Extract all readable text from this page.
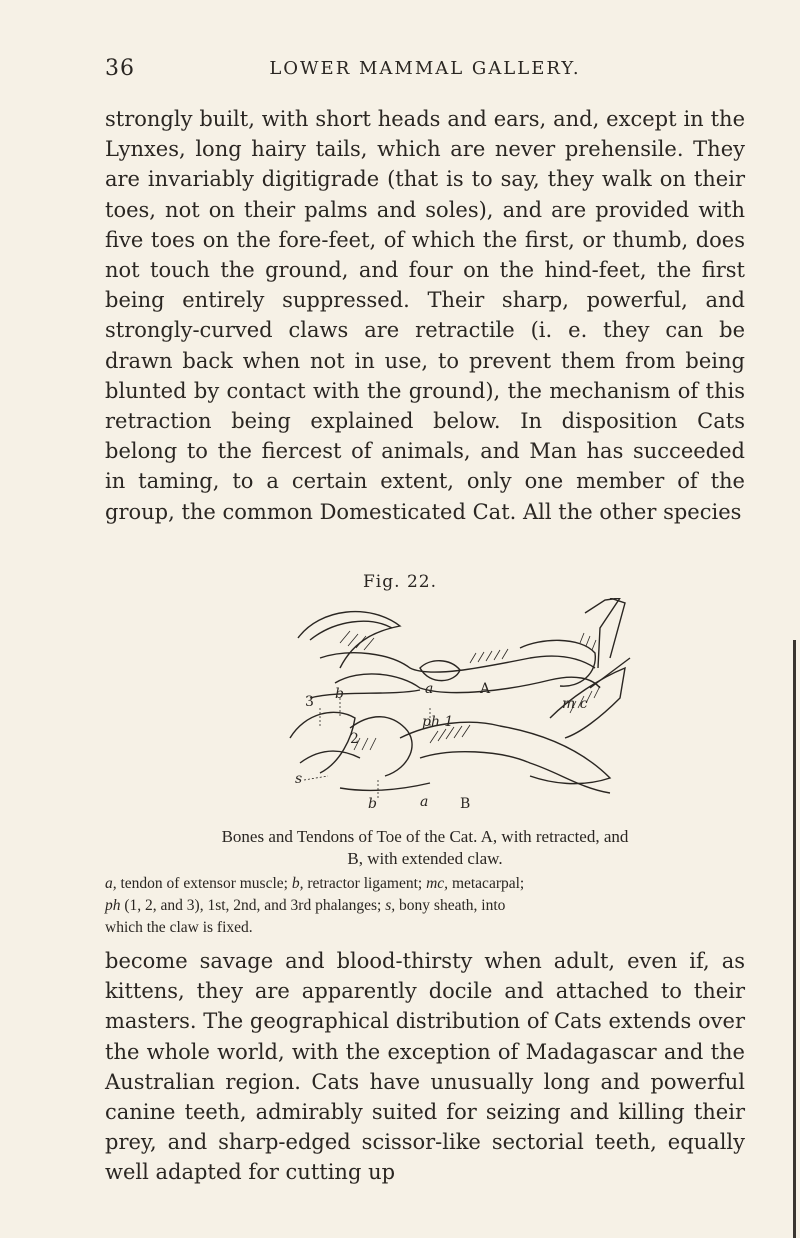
36	LOWER MAMMAL GALLERY.
strongly built, with short heads and ears, and, except in the Lynxes, long hairy tails, which are never prehensile. They are invariably digitigrade (that is to say, they walk on their toes, not on their palms and soles), and are provided with five toes on the fore-feet, of which the first, or thumb, does not touch the ground, and four on the hind-feet, the first being entirely suppressed. Their sharp, powerful, and strongly-curved claws are retractile (i. e. they can be drawn back when not in use, to prevent them from being blunted by contact with the ground), the mechanism of this retraction being explained below. In disposition Cats belong to the fiercest of animals, and Man has succeeded in taming, to a certain extent, only one member of the group, the common Domesticated Cat. All the other species
Fig. 22.
a	A
b
3	m c
ph 1
2
s
b	a B
Bones and Tendons of Toe of the Cat. A, with retracted, and
B, with extended claw.
a, tendon of extensor muscle; b, retractor ligament; mc, metacarpal;
ph (1, 2, and 3), 1st, 2nd, and 3rd phalanges; s, bony sheath, into
which the claw is fixed.
become savage and blood-thirsty when adult, even if, as kittens, they are apparently docile and attached to their masters. The geographical distribution of Cats extends over the whole world, with the exception of Madagascar and the Australian region. Cats have unusually long and powerful canine teeth, admirably suited for seizing and killing their prey, and sharp-edged scissor-like sectorial teeth, equally well adapted for cutting up
